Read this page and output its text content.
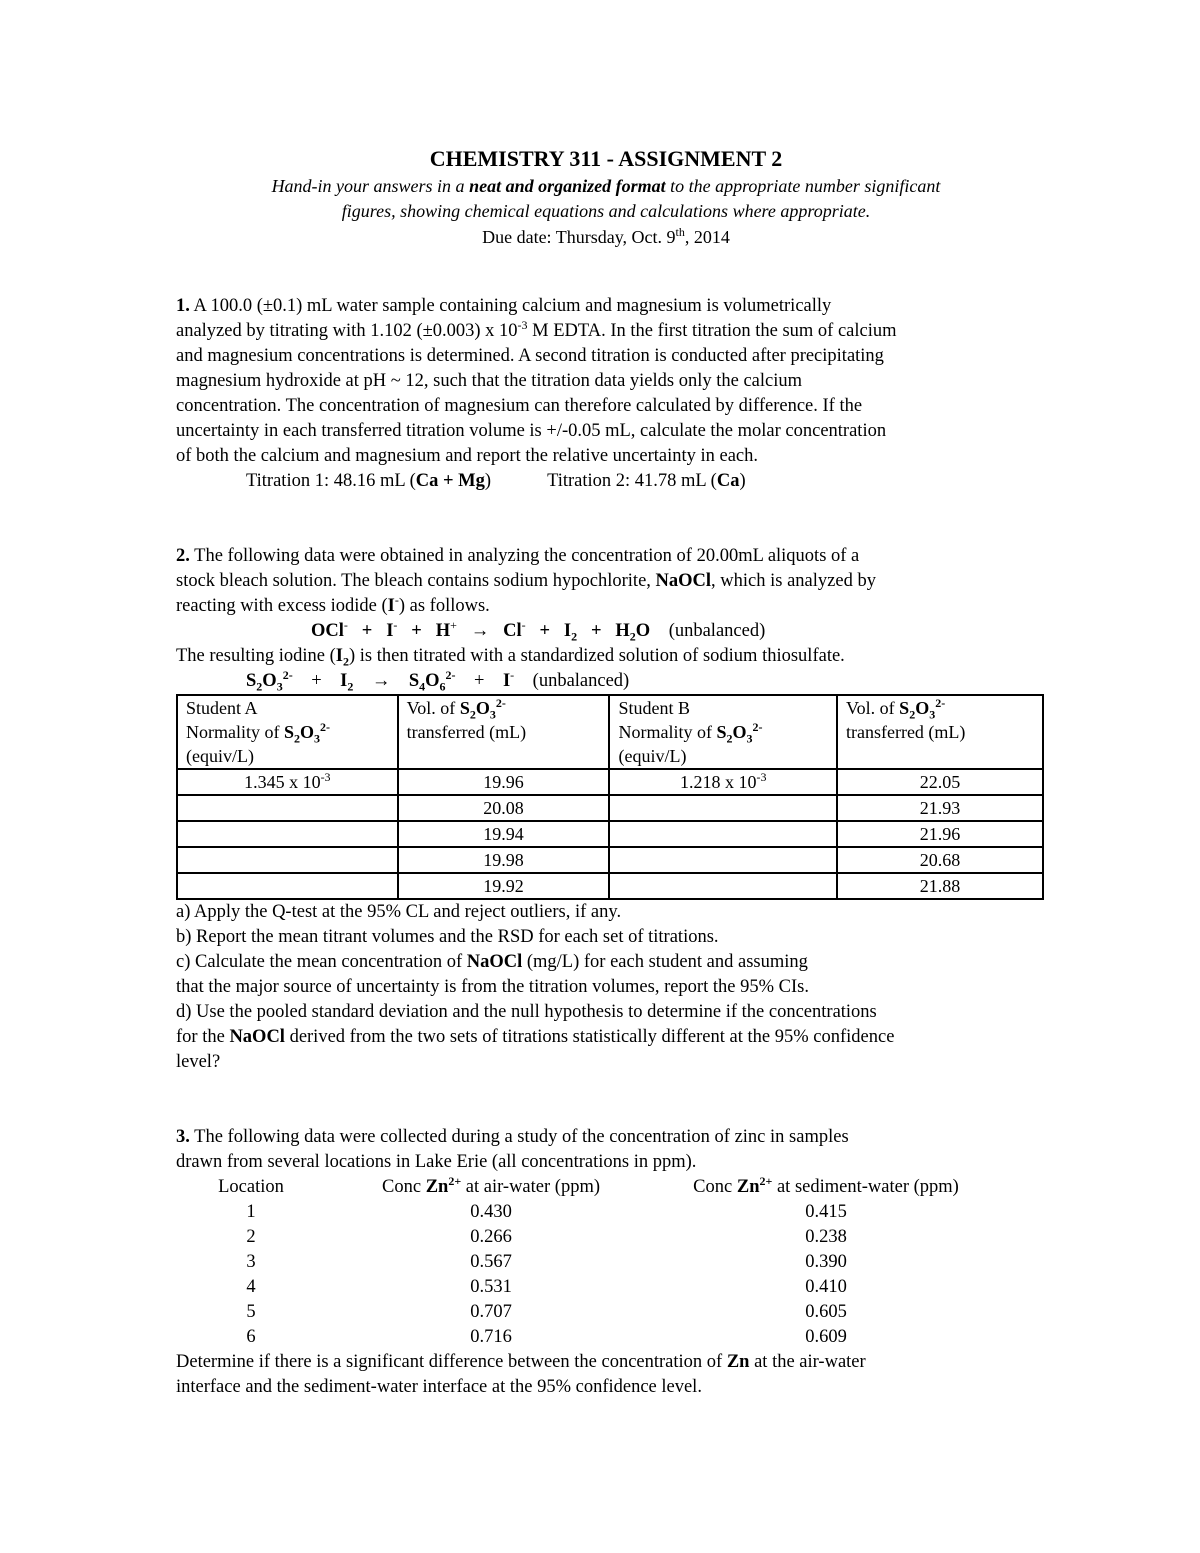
CHEMISTRY 311 - ASSIGNMENT 2
Hand-in your answers in a neat and organized format to the appropriate number significant
figures, showing chemical equations and calculations where appropriate.
Due date: Thursday, Oct. 9th, 2014
1. A 100.0 (±0.1) mL water sample containing calcium and magnesium is volumetrically
analyzed by titrating with 1.102 (±0.003) x $10^{-3}$ M EDTA. In the first titration the sum of calcium
and magnesium concentrations is determined. A second titration is conducted after precipitating
magnesium hydroxide at pH ~ 12, such that the titration data yields only the calcium
concentration. The concentration of magnesium can therefore calculated by difference. If the
uncertainty in each transferred titration volume is +/-0.05 mL, calculate the molar concentration
of both the calcium and magnesium and report the relative uncertainty in each.
Titration 1: 48.16 mL (Ca + Mg)	Titration 2: 41.78 mL (Ca)
2. The following data were obtained in analyzing the concentration of 20.00mL aliquots of a
stock bleach solution. The bleach contains sodium hypochlorite, NaOCl, which is analyzed by
reacting with excess iodide (I-) as follows.
$OCl^- + I^- + H^+ \to Cl^- + I_2 + H_2O$ (unbalanced)
The resulting iodine $(I_2)$ is then titrated with a standardized solution of sodium thiosulfate.
$S_2O_3^{2-} + I_2 \to S_4O_6^{2-} + I^-$ (unbalanced)
Student A
Normality of $S_2O_3^{2-}$
(equiv/L)	Vol. of $S_2O_3^{2-}$
transferred (mL)	Student B
Normality of $S_2O_3^{2-}$
(equiv/L)	Vol. of $S_2O_3^{2-}$
transferred (mL)
1.345 x $10^{-3}$	19.96	1.218 x $10^{-3}$	22.05
	20.08		21.93
	19.94		21.96
	19.98		20.68
	19.92		21.88
a) Apply the Q-test at the 95% CL and reject outliers, if any.
b) Report the mean titrant volumes and the RSD for each set of titrations.
c) Calculate the mean concentration of NaOCl (mg/L) for each student and assuming
that the major source of uncertainty is from the titration volumes, report the 95% CIs.
d) Use the pooled standard deviation and the null hypothesis to determine if the concentrations
for the NaOCl derived from the two sets of titrations statistically different at the 95% confidence
level?
3. The following data were collected during a study of the concentration of zinc in samples
drawn from several locations in Lake Erie (all concentrations in ppm).
Location	Conc $Zn^{2+}$ at air-water (ppm)	Conc $Zn^{2+}$ at sediment-water (ppm)
1	0.430	0.415
2	0.266	0.238
3	0.567	0.390
4	0.531	0.410
5	0.707	0.605
6	0.716	0.609
Determine if there is a significant difference between the concentration of Zn at the air-water
interface and the sediment-water interface at the 95% confidence level.
